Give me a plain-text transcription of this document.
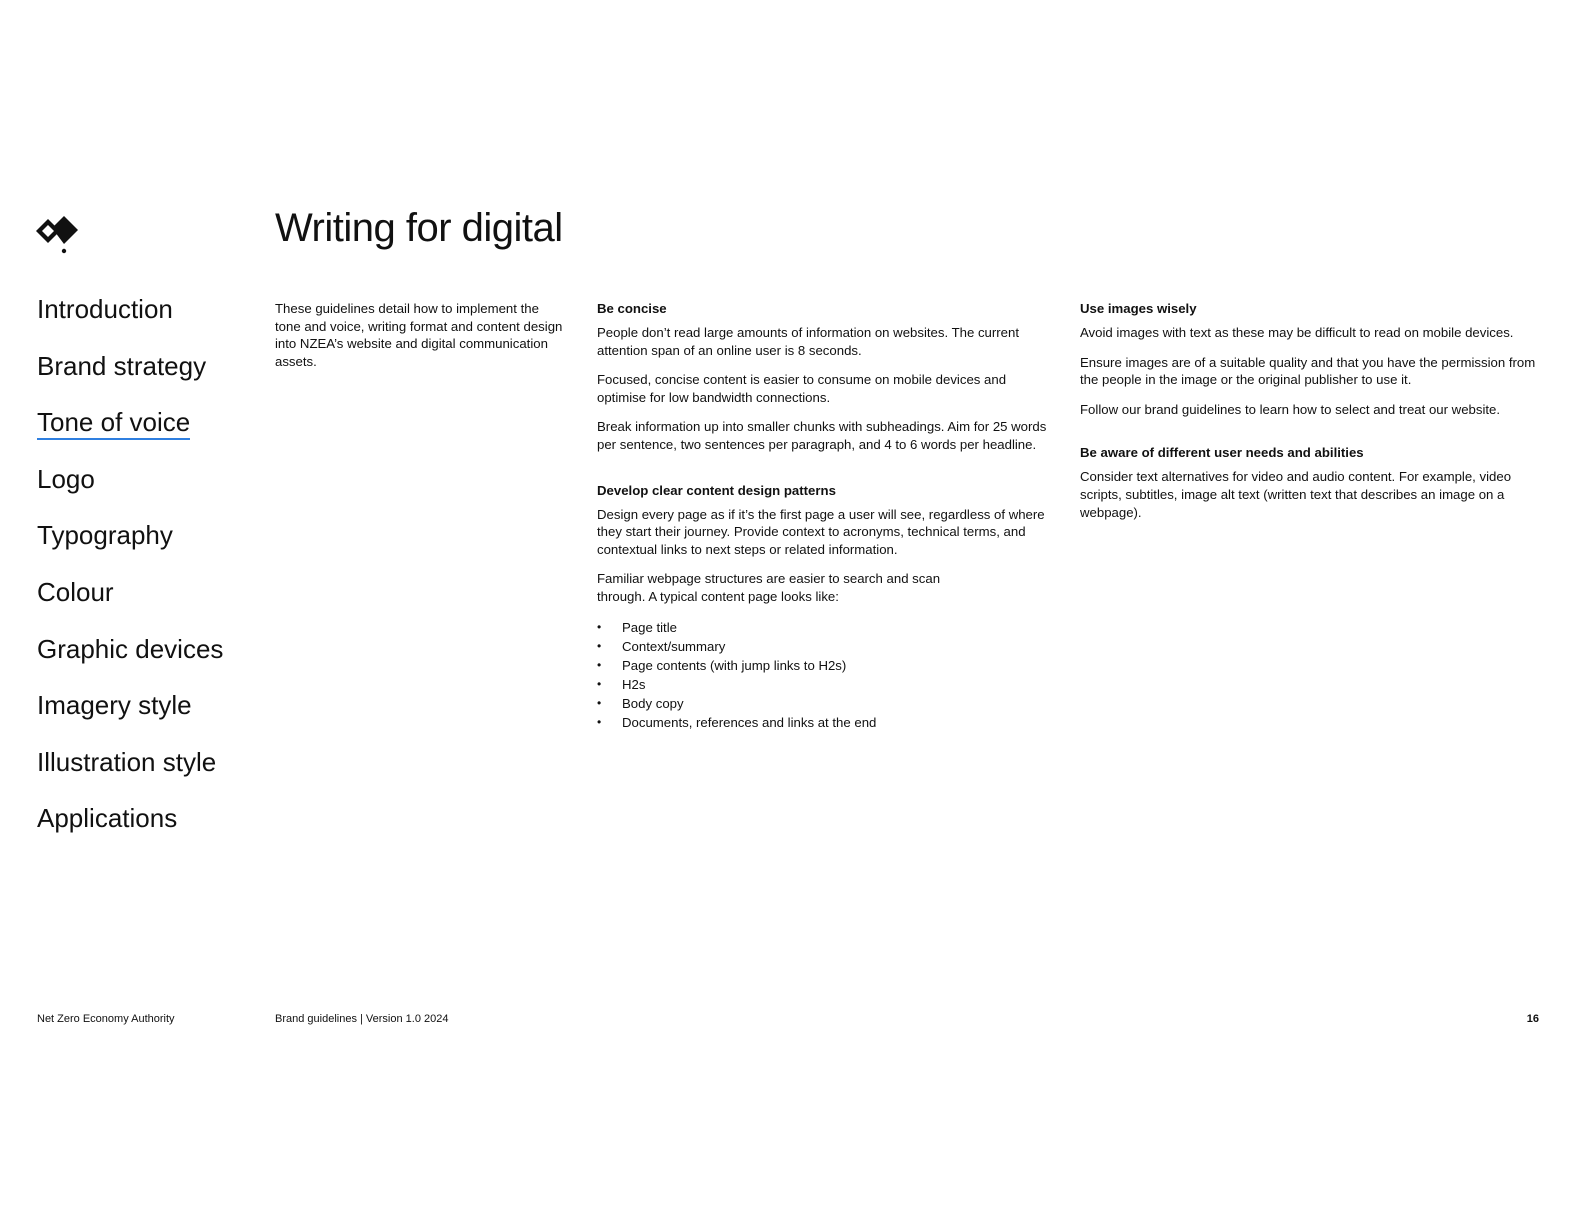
Writing for digital
Introduction
Brand strategy
Tone of voice
Logo
Typography
Colour
Graphic devices
Imagery style
Illustration style
Applications

These guidelines detail how to implement the tone and voice, writing format and content design into NZEA’s website and digital communication assets.

Be concise

People don’t read large amounts of information on websites. The current attention span of an online user is 8 seconds.

Focused, concise content is easier to consume on mobile devices and optimise for low bandwidth connections.

Break information up into smaller chunks with subheadings. Aim for 25 words per sentence, two sentences per paragraph, and 4 to 6 words per headline.

Develop clear content design patterns

Design every page as if it’s the first page a user will see, regardless of where they start their journey. Provide context to acronyms, technical terms, and contextual links to next steps or related information.

Familiar webpage structures are easier to search and scan through. A typical content page looks like:

• Page title
• Context/summary
• Page contents (with jump links to H2s)
• H2s
• Body copy
• Documents, references and links at the end
Use images wisely

Avoid images with text as these may be difficult to read on mobile devices.

Ensure images are of a suitable quality and that you have the permission from the people in the image or the original publisher to use it.

Follow our brand guidelines to learn how to select and treat our website.

Be aware of different user needs and abilities

Consider text alternatives for video and audio content. For example, video scripts, subtitles, image alt text (written text that describes an image on a webpage).

Net Zero Economy Authority	Brand guidelines | Version 1.0 2024	16
